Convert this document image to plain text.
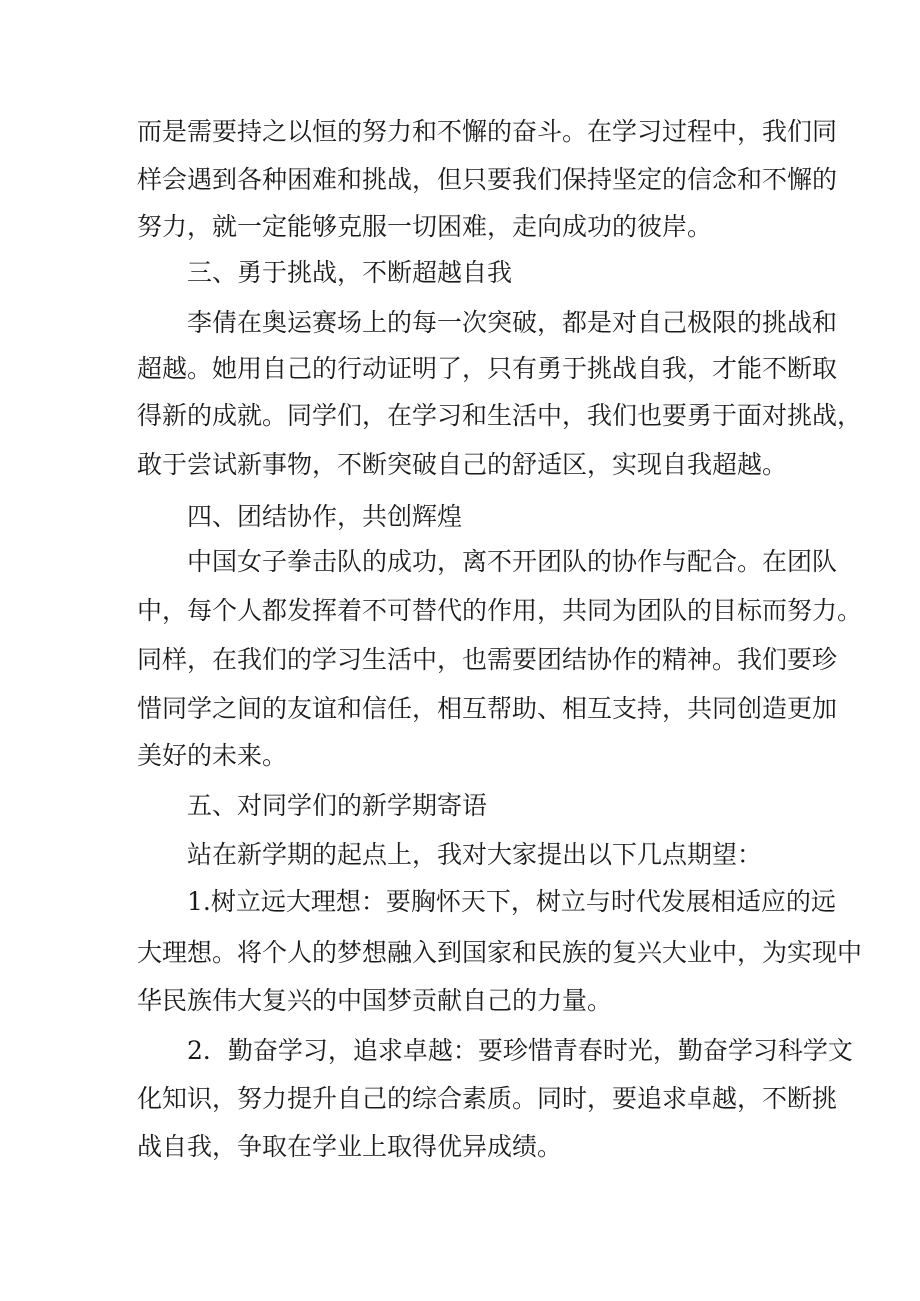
而是需要持之以恒的努力和不懈的奋斗。在学习过程中，我们同
样会遇到各种困难和挑战，但只要我们保持坚定的信念和不懈的
努力，就一定能够克服一切困难，走向成功的彼岸。
三、勇于挑战，不断超越自我
李倩在奥运赛场上的每一次突破，都是对自己极限的挑战和
超越。她用自己的行动证明了，只有勇于挑战自我，才能不断取
得新的成就。同学们，在学习和生活中，我们也要勇于面对挑战，
敢于尝试新事物，不断突破自己的舒适区，实现自我超越。
四、团结协作，共创辉煌
中国女子拳击队的成功，离不开团队的协作与配合。在团队
中，每个人都发挥着不可替代的作用，共同为团队的目标而努力。
同样，在我们的学习生活中，也需要团结协作的精神。我们要珍
惜同学之间的友谊和信任，相互帮助、相互支持，共同创造更加
美好的未来。
五、对同学们的新学期寄语
站在新学期的起点上，我对大家提出以下几点期望：
1.树立远大理想：要胸怀天下，树立与时代发展相适应的远
大理想。将个人的梦想融入到国家和民族的复兴大业中，为实现中
华民族伟大复兴的中国梦贡献自己的力量。
2．勤奋学习，追求卓越：要珍惜青春时光，勤奋学习科学文
化知识，努力提升自己的综合素质。同时，要追求卓越，不断挑
战自我，争取在学业上取得优异成绩。
